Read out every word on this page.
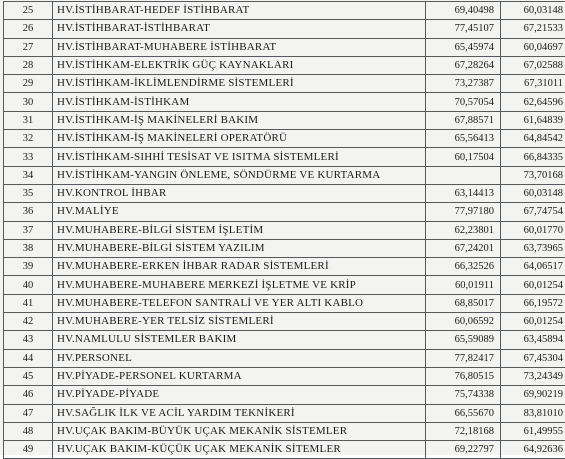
25	HV.İSTİHBARAT-HEDEF İSTİHBARAT	69,40498	60,03148
26	HV.İSTİHBARAT-İSTİHBARAT	77,45107	67,21533
27	HV.İSTİHBARAT-MUHABERE İSTİHBARAT	65,45974	60,04697
28	HV.İSTİHKAM-ELEKTRİK GÜÇ KAYNAKLARI	67,28264	67,02588
29	HV.İSTİHKAM-İKLİMLENDİRME SİSTEMLERİ	73,27387	67,31011
30	HV.İSTİHKAM-İSTİHKAM	70,57054	62,64596
31	HV.İSTİHKAM-İŞ MAKİNELERİ BAKIM	67,88571	61,64839
32	HV.İSTİHKAM-İŞ MAKİNELERİ OPERATÖRÜ	65,56413	64,84542
33	HV.İSTİHKAM-SIHHİ TESİSAT VE ISITMA SİSTEMLERİ	60,17504	66,84335
34	HV.İSTİHKAM-YANGIN ÖNLEME, SÖNDÜRME VE KURTARMA		73,70168
35	HV.KONTROL İHBAR	63,14413	60,03148
36	HV.MALİYE	77,97180	67,74754
37	HV.MUHABERE-BİLGİ SİSTEM İŞLETİM	62,23801	60,01770
38	HV.MUHABERE-BİLGİ SİSTEM YAZILIM	67,24201	63,73965
39	HV.MUHABERE-ERKEN İHBAR RADAR SİSTEMLERİ	66,32526	64,06517
40	HV.MUHABERE-MUHABERE MERKEZİ İŞLETME VE KRİP	60,01911	60,01254
41	HV.MUHABERE-TELEFON SANTRALİ VE YER ALTI KABLO	68,85017	66,19572
42	HV.MUHABERE-YER TELSİZ SİSTEMLERİ	60,06592	60,01254
43	HV.NAMLULU SİSTEMLER BAKIM	65,59089	63,45894
44	HV.PERSONEL	77,82417	67,45304
45	HV.PİYADE-PERSONEL KURTARMA	76,80515	73,24349
46	HV.PİYADE-PİYADE	75,74338	69,90219
47	HV.SAĞLIK İLK VE ACİL YARDIM TEKNİKERİ	66,55670	83,81010
48	HV.UÇAK BAKIM-BÜYÜK UÇAK MEKANİK SİSTEMLER	72,18168	61,49955
49	HV.UÇAK BAKIM-KÜÇÜK UÇAK MEKANİK SİTEMLER	69,22797	64,92636
